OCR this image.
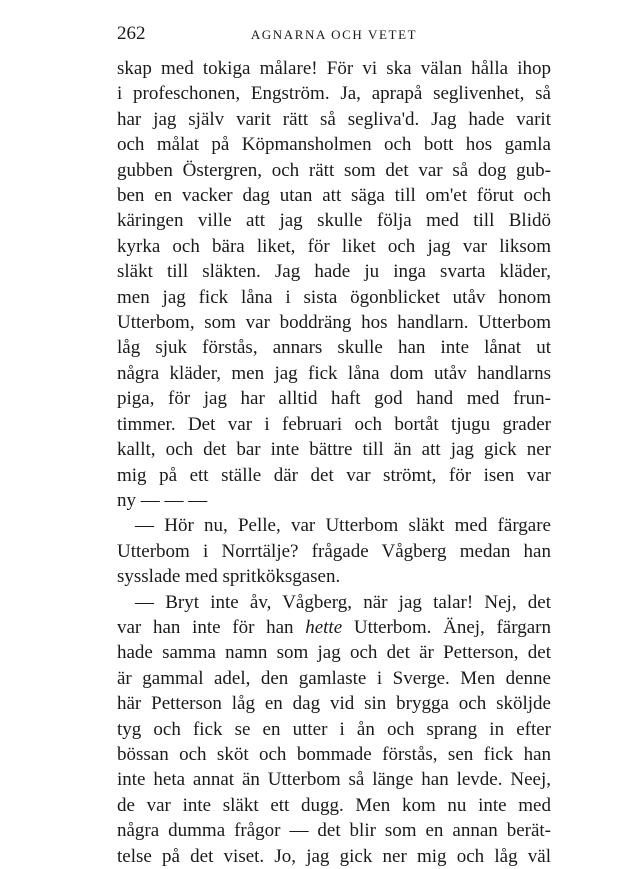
262	AGNARNA OCH VETET
skap med tokiga målare! För vi ska välan hålla ihop
i profeschonen, Engström. Ja, aprapå seglivenhet, så
har jag själv varit rätt så segliva'd. Jag hade varit
och målat på Köpmansholmen och bott hos gamla
gubben Östergren, och rätt som det var så dog gub-
ben en vacker dag utan att säga till om'et förut och
käringen ville att jag skulle följa med till Blidö
kyrka och bära liket, för liket och jag var liksom
släkt till släkten. Jag hade ju inga svarta kläder,
men jag fick låna i sista ögonblicket utåv honom
Utterbom, som var boddräng hos handlarn. Utterbom
låg sjuk förstås, annars skulle han inte lånat ut
några kläder, men jag fick låna dom utåv handlarns
piga, för jag har alltid haft god hand med frun-
timmer. Det var i februari och bortåt tjugu grader
kallt, och det bar inte bättre till än att jag gick ner
mig på ett ställe där det var strömt, för isen var
ny — — —
— Hör nu, Pelle, var Utterbom släkt med färgare
Utterbom i Norrtälje? frågade Vågberg medan han
sysslade med spritköksgasen.
— Bryt inte åv, Vågberg, när jag talar! Nej, det
var han inte för han hette Utterbom. Änej, färgarn
hade samma namn som jag och det är Petterson, det
är gammal adel, den gamlaste i Sverge. Men denne
här Petterson låg en dag vid sin brygga och sköljde
tyg och fick se en utter i ån och sprang in efter
bössan och sköt och bommade förstås, sen fick han
inte heta annat än Utterbom så länge han levde. Neej,
de var inte släkt ett dugg. Men kom nu inte med
några dumma frågor — det blir som en annan berät-
telse på det viset. Jo, jag gick ner mig och låg väl
